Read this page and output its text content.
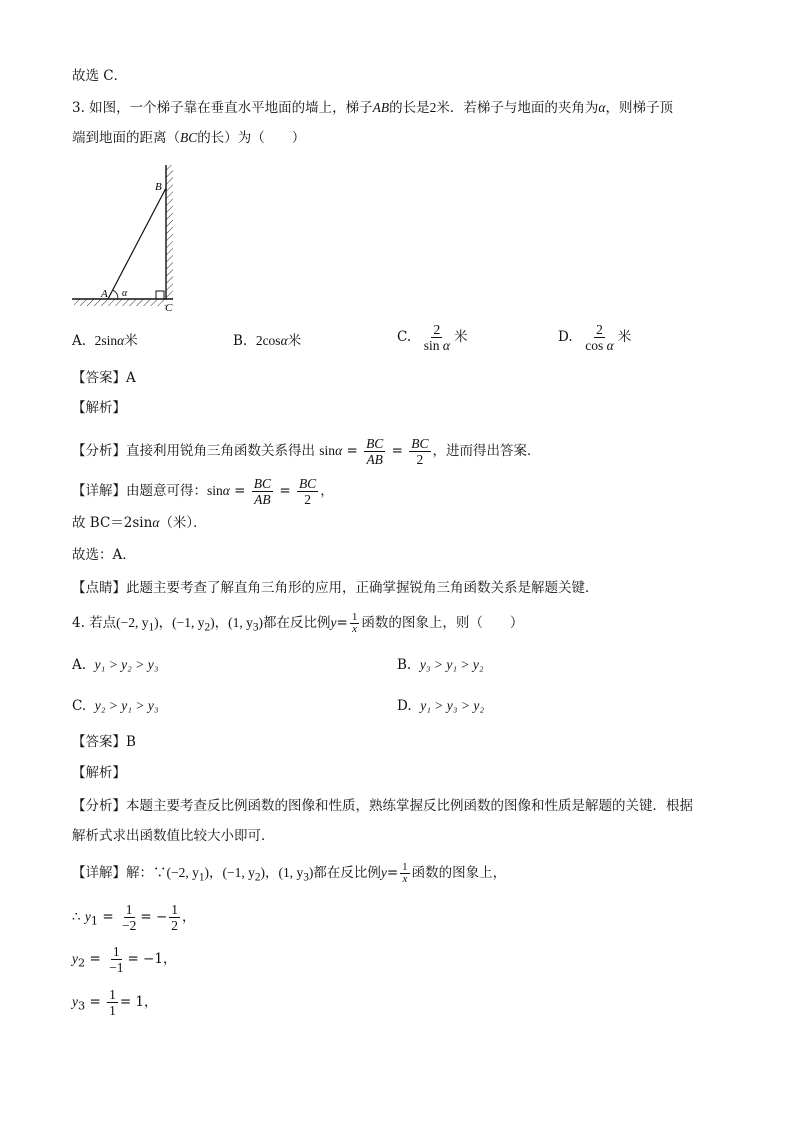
故选 C．
3. 如图，一个梯子靠在垂直水平地面的墙上，梯子AB的长是2米．若梯子与地面的夹角为α，则梯子顶
端到地面的距离（BC的长）为（　　）
B
A α
C
A. 2sinα米	B. 2cosα米	C. $\frac{2}{\text{sin α}}$ 米	D. $\frac{2}{\text{cos α}}$ 米
【答案】A
【解析】
【分析】直接利用锐角三角函数关系得出 $\sin\alpha = \frac{BC}{AB} = \frac{BC}{2}$ ，进而得出答案．
【详解】由题意可得：$\sin\alpha = \frac{BC}{AB} = \frac{BC}{2}$ ，
故 BC＝2sinα（米）．
故选：A．
【点睛】此题主要考查了解直角三角形的应用，正确掌握锐角三角函数关系是解题关键．
4. 若点(−2, $y_1$)，(−1, $y_2$)，(1, $y_3$)都在反比例$y= \frac{1}{x}$ 函数的图象上，则（　　）
A. y₁ > y₂ > y₃	B. y₃ > y₁ > y₂
C. y₂ > y₁ > y₃	D. y₁ > y₃ > y₂
【答案】B
【解析】
【分析】本题主要考查反比例函数的图像和性质，熟练掌握反比例函数的图像和性质是解题的关键．根据
解析式求出函数值比较大小即可．
【详解】解：∵(−2, $y_1$)，(−1, $y_2$)，(1, $y_3$)都在反比例$y= \frac{1}{x}$ 函数的图象上，
∴ $y_1 = \frac{1}{-2}$ = − $\frac{1}{2}$ ，
$y_2 = \frac{1}{-1} = -1$，
$y_3 = \frac{1}{1} = 1$，
